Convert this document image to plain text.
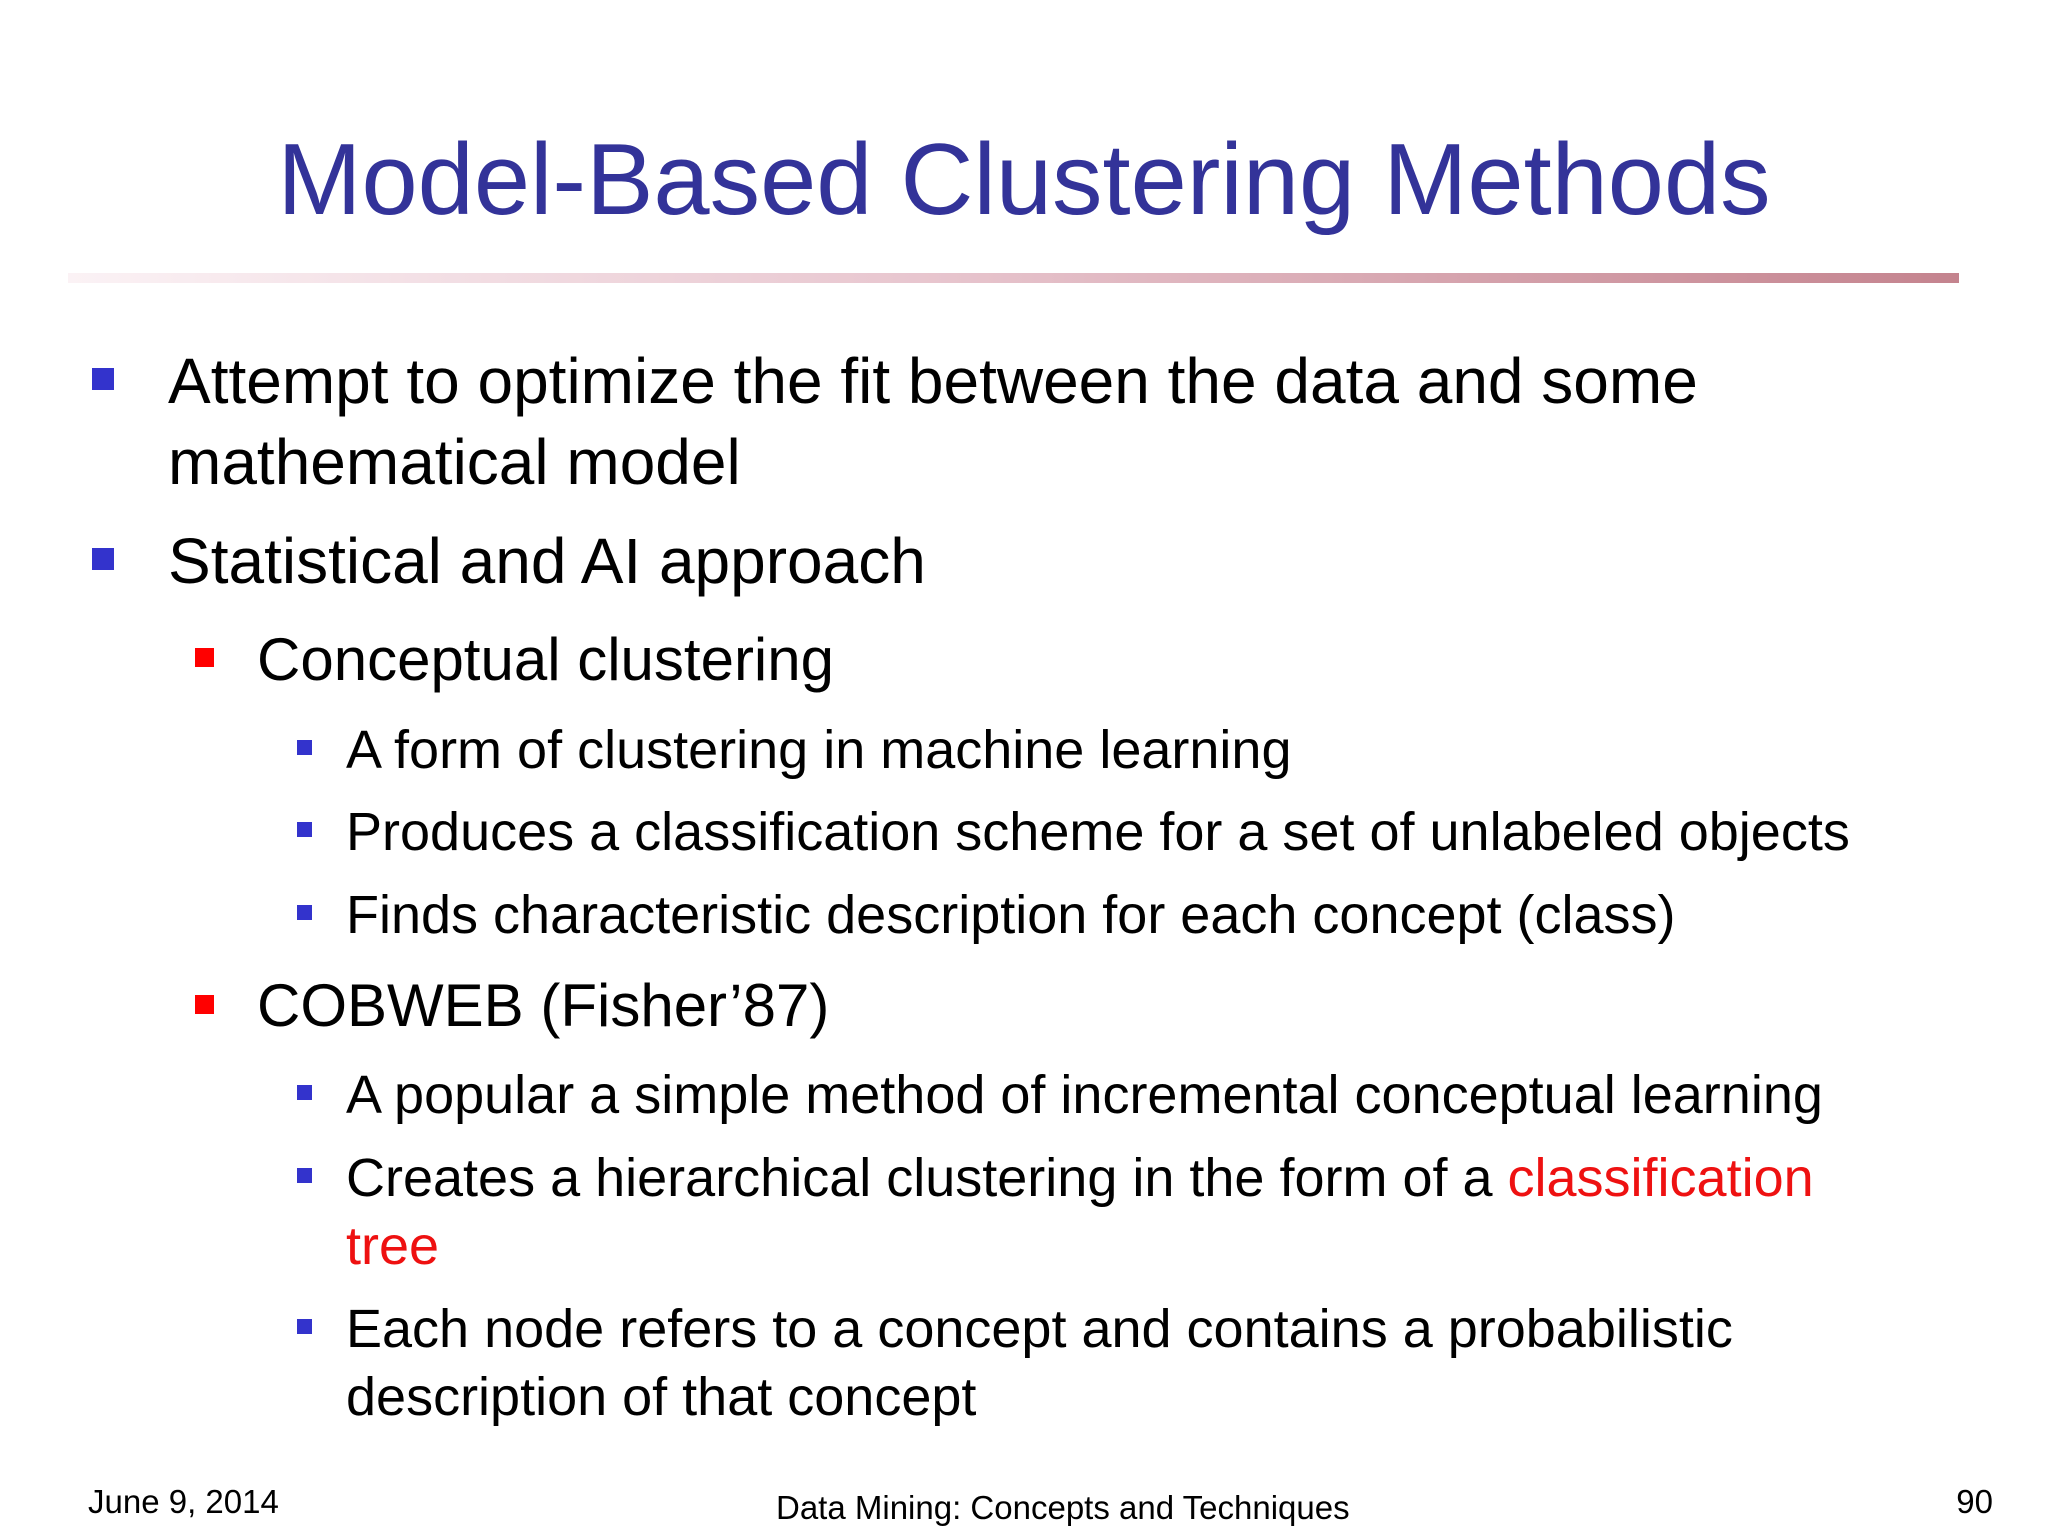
Model-Based Clustering Methods
Attempt to optimize the fit between the data and some
mathematical model
Statistical and AI approach
Conceptual clustering
A form of clustering in machine learning
Produces a classification scheme for a set of unlabeled objects
Finds characteristic description for each concept (class)
COBWEB (Fisher’87)
A popular a simple method of incremental conceptual learning
Creates a hierarchical clustering in the form of a classification
tree
Each node refers to a concept and contains a probabilistic
description of that concept
June 9, 2014	Data Mining: Concepts and Techniques	90
